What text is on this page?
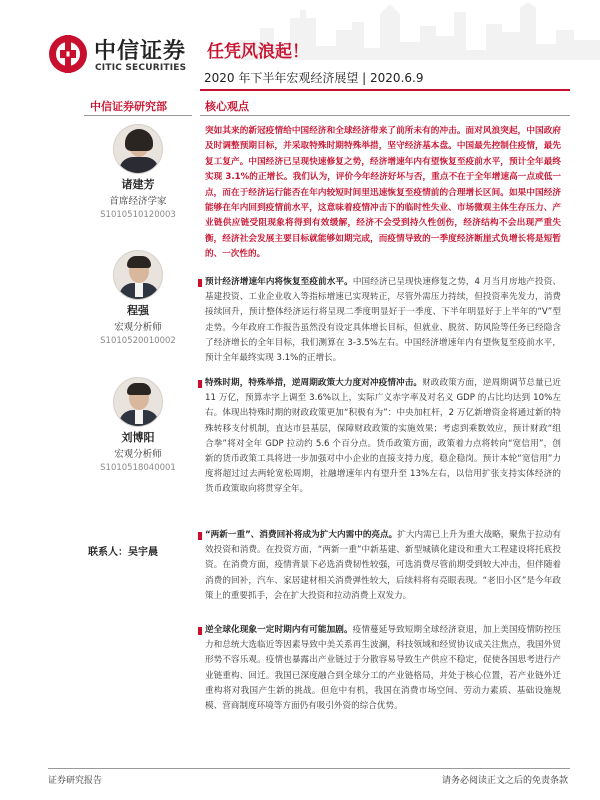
中信证券
CITIC SECURITIES
任凭风浪起！
2020 年下半年宏观经济展望 | 2020.6.9
中信证券研究部	核心观点
诸建芳
首席经济学家
S1010510120003
程强
宏观分析师
S1010520010002
刘博阳
宏观分析师
S1010518040001
联系人：吴宇晨
突如其来的新冠疫情给中国经济和全球经济带来了前所未有的冲击。面对风浪突起，中国政府及时调整预期目标，并采取特殊时期特殊举措，坚守经济基本盘。中国最先控制住疫情，最先复工复产。中国经济已呈现快速修复之势，经济增速年内有望恢复至疫前水平，预计全年最终实现 3.1%的正增长。我们认为，评价今年经济好坏与否，重点不在于全年增速高一点或低一点，而在于经济运行能否在年内较短时间里迅速恢复至疫情前的合理增长区间。如果中国经济能够在年内回到疫情前水平，这意味着疫情冲击下的临时性失业、市场微观主体生存压力、产业链供应链受阻现象将得到有效缓解，经济不会受到持久性创伤，经济结构不会出现严重失衡，经济社会发展主要目标就能够如期完成，而疫情导致的一季度经济断崖式负增长将是短暂的、一次性的。
预计经济增速年内将恢复至疫前水平。中国经济已呈现快速修复之势，4 月当月房地产投资、基建投资、工业企业收入等指标增速已实现转正，尽管外需压力持续，但投资率先发力，消费接续回升，预计整体经济运行将呈现二季度明显好于一季度、下半年明显好于上半年的“V”型走势。今年政府工作报告虽然没有设定具体增长目标，但就业、脱贫、防风险等任务已经隐含了经济增长的全年目标，我们测算在 3-3.5%左右。中国经济增速年内有望恢复至疫前水平，预计全年最终实现 3.1%的正增长。
特殊时期，特殊举措，逆周期政策大力度对冲疫情冲击。财政政策方面，逆周期调节总量已近 11 万亿，预算赤字上调至 3.6%以上，实际广义赤字率及对名义 GDP 的占比均达到 10%左右。体现出特殊时期的财政政策更加“积极有为”：中央加杠杆，2 万亿新增资金将通过新的特殊转移支付机制，直达市县基层，保障财政政策的实施效果；考虑到乘数效应，预计财政“组合拳”将对全年 GDP 拉动约 5.6 个百分点。货币政策方面，政策着力点将转向“宽信用”，创新的货币政策工具将进一步加强对中小企业的直接支持力度，稳企稳岗。预计本轮“宽信用”力度将超过过去两轮宽松周期，社融增速年内有望升至 13%左右，以信用扩张支持实体经济的货币政策取向将贯穿全年。
“两新一重”、消费回补将成为扩大内需中的亮点。扩大内需已上升为重大战略，聚焦于拉动有效投资和消费。在投资方面，“两新一重”中新基建、新型城镇化建设和重大工程建设将托底投资。在消费方面，疫情背景下必选消费韧性较强，可选消费尽管前期受到较大冲击，但伴随着消费的回补，汽车、家居建材相关消费弹性较大，后续料将有亮眼表现。“老旧小区”是今年政策上的重要抓手，会在扩大投资和拉动消费上双发力。
逆全球化现象一定时期内有可能加剧。疫情蔓延导致短期全球经济衰退，加上美国疫情防控压力和总统大选临近等因素导致中美关系再生波澜，科技领域和经贸协议成关注焦点，我国外贸形势不容乐观。疫情也暴露出产业链过于分散容易导致生产供应不稳定，促使各国思考进行产业链重构、回迁。我国已深度融合到全球分工的产业链格局，并处于核心位置，若产业链外迁重构将对我国产生新的挑战。但危中有机，我国在消费市场空间、劳动力素质、基础设施规模、营商制度环境等方面仍有吸引外资的综合优势。
证券研究报告	请务必阅读正文之后的免责条款
